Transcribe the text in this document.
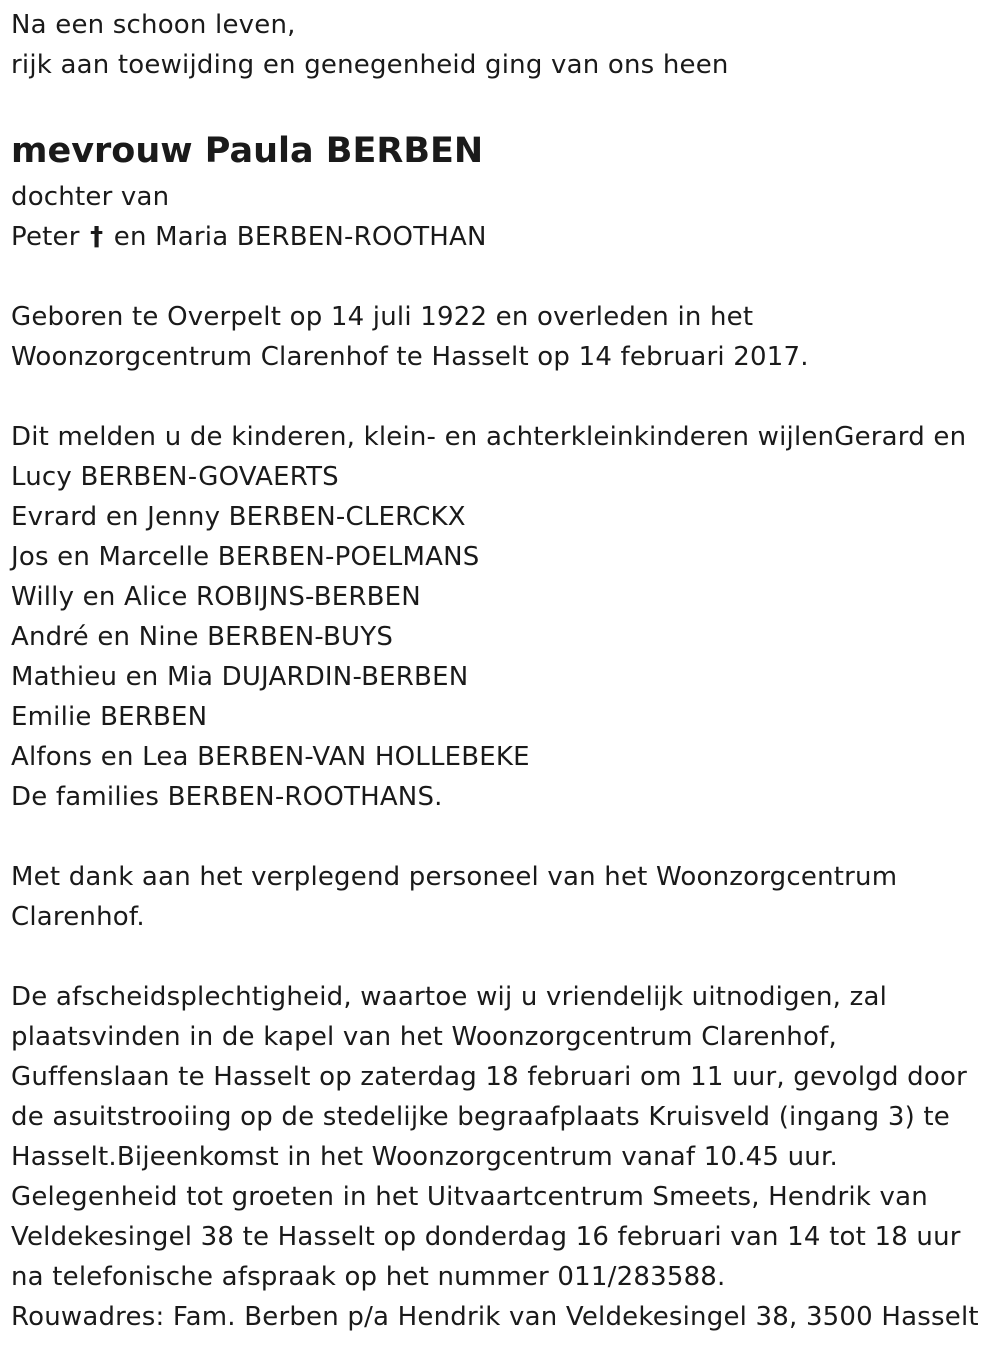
Na een schoon leven,
rijk aan toewijding en genegenheid ging van ons heen
mevrouw Paula BERBEN
dochter van
Peter † en Maria BERBEN-ROOTHAN
Geboren te Overpelt op 14 juli 1922 en overleden in het
Woonzorgcentrum Clarenhof te Hasselt op 14 februari 2017.
Dit melden u de kinderen, klein- en achterkleinkinderen wijlenGerard en
Lucy BERBEN-GOVAERTS
Evrard en Jenny BERBEN-CLERCKX
Jos en Marcelle BERBEN-POELMANS
Willy en Alice ROBIJNS-BERBEN
André en Nine BERBEN-BUYS
Mathieu en Mia DUJARDIN-BERBEN
Emilie BERBEN
Alfons en Lea BERBEN-VAN HOLLEBEKE
De families BERBEN-ROOTHANS.
Met dank aan het verplegend personeel van het Woonzorgcentrum
Clarenhof.
De afscheidsplechtigheid, waartoe wij u vriendelijk uitnodigen, zal
plaatsvinden in de kapel van het Woonzorgcentrum Clarenhof,
Guffenslaan te Hasselt op zaterdag 18 februari om 11 uur, gevolgd door
de asuitstrooiing op de stedelijke begraafplaats Kruisveld (ingang 3) te
Hasselt.Bijeenkomst in het Woonzorgcentrum vanaf 10.45 uur.
Gelegenheid tot groeten in het Uitvaartcentrum Smeets, Hendrik van
Veldekesingel 38 te Hasselt op donderdag 16 februari van 14 tot 18 uur
na telefonische afspraak op het nummer 011/283588.
Rouwadres: Fam. Berben p/a Hendrik van Veldekesingel 38, 3500 Hasselt
